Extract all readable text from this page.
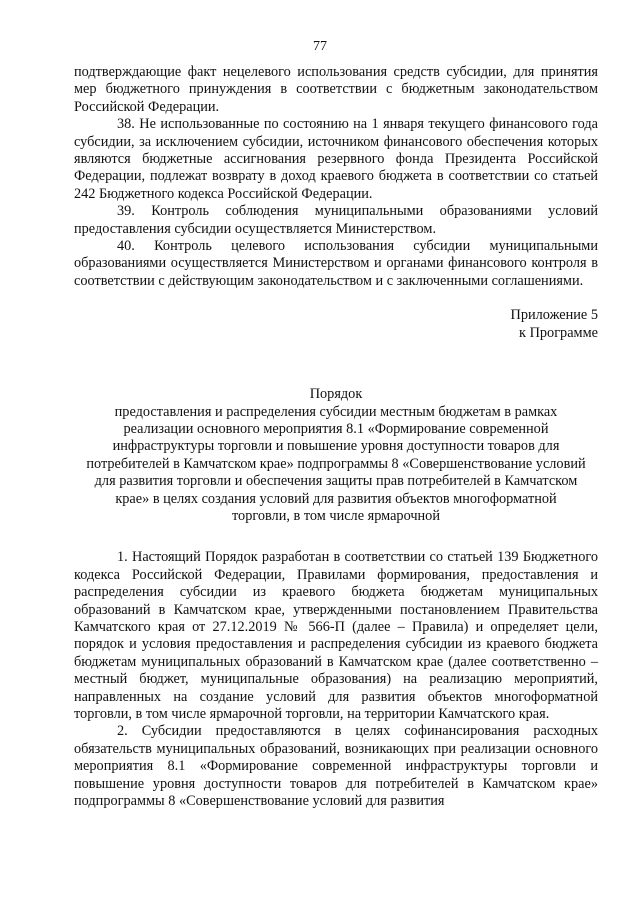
77

подтверждающие факт нецелевого использования средств субсидии, для принятия мер бюджетного принуждения в соответствии с бюджетным законодательством Российской Федерации.

38. Не использованные по состоянию на 1 января текущего финансового года субсидии, за исключением субсидии, источником финансового обеспечения которых являются бюджетные ассигнования резервного фонда Президента Российской Федерации, подлежат возврату в доход краевого бюджета в соответствии со статьей 242 Бюджетного кодекса Российской Федерации.

39. Контроль соблюдения муниципальными образованиями условий предоставления субсидии осуществляется Министерством.

40. Контроль целевого использования субсидии муниципальными образованиями осуществляется Министерством и органами финансового контроля в соответствии с действующим законодательством и с заключенными соглашениями.

Приложение 5
к Программе
Порядок
предоставления и распределения субсидии местным бюджетам в рамках реализации основного мероприятия 8.1 «Формирование современной инфраструктуры торговли и повышение уровня доступности товаров для потребителей в Камчатском крае» подпрограммы 8 «Совершенствование условий для развития торговли и обеспечения защиты прав потребителей в Камчатском крае» в целях создания условий для развития объектов многоформатной торговли, в том числе ярмарочной

1. Настоящий Порядок разработан в соответствии со статьей 139 Бюджетного кодекса Российской Федерации, Правилами формирования, предоставления и распределения субсидии из краевого бюджета бюджетам муниципальных образований в Камчатском крае, утвержденными постановлением Правительства Камчатского края от 27.12.2019 № 566-П (далее – Правила) и определяет цели, порядок и условия предоставления и распределения субсидии из краевого бюджета бюджетам муниципальных образований в Камчатском крае (далее соответственно – местный бюджет, муниципальные образования) на реализацию мероприятий, направленных на создание условий для развития объектов многоформатной торговли, в том числе ярмарочной торговли, на территории Камчатского края.

2. Субсидии предоставляются в целях софинансирования расходных обязательств муниципальных образований, возникающих при реализации основного мероприятия 8.1 «Формирование современной инфраструктуры торговли и повышение уровня доступности товаров для потребителей в Камчатском крае» подпрограммы 8 «Совершенствование условий для развития
